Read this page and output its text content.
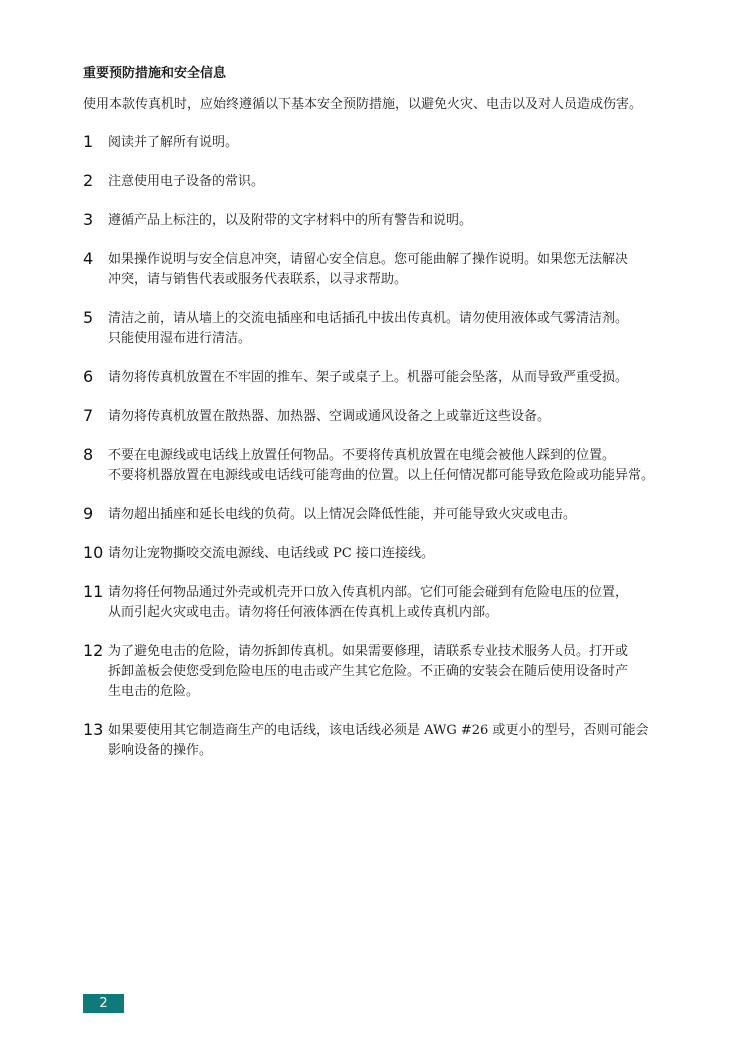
重要预防措施和安全信息
使用本款传真机时，应始终遵循以下基本安全预防措施，以避免火灾、电击以及对人员造成伤害。
1 阅读并了解所有说明。
2 注意使用电子设备的常识。
3 遵循产品上标注的，以及附带的文字材料中的所有警告和说明。
4 如果操作说明与安全信息冲突，请留心安全信息。您可能曲解了操作说明。如果您无法解决
冲突，请与销售代表或服务代表联系，以寻求帮助。
5 清洁之前，请从墙上的交流电插座和电话插孔中拔出传真机。请勿使用液体或气雾清洁剂。
只能使用湿布进行清洁。
6 请勿将传真机放置在不牢固的推车、架子或桌子上。机器可能会坠落，从而导致严重受损。
7 请勿将传真机放置在散热器、加热器、空调或通风设备之上或靠近这些设备。
8 不要在电源线或电话线上放置任何物品。不要将传真机放置在电缆会被他人踩到的位置。
不要将机器放置在电源线或电话线可能弯曲的位置。以上任何情况都可能导致危险或功能异常。
9 请勿超出插座和延长电线的负荷。以上情况会降低性能，并可能导致火灾或电击。
10 请勿让宠物撕咬交流电源线、电话线或 PC 接口连接线。
11 请勿将任何物品通过外壳或机壳开口放入传真机内部。它们可能会碰到有危险电压的位置，
从而引起火灾或电击。请勿将任何液体洒在传真机上或传真机内部。
12 为了避免电击的危险，请勿拆卸传真机。如果需要修理，请联系专业技术服务人员。打开或
拆卸盖板会使您受到危险电压的电击或产生其它危险。不正确的安装会在随后使用设备时产
生电击的危险。
13 如果要使用其它制造商生产的电话线，该电话线必须是 AWG #26 或更小的型号，否则可能会
影响设备的操作。
2
